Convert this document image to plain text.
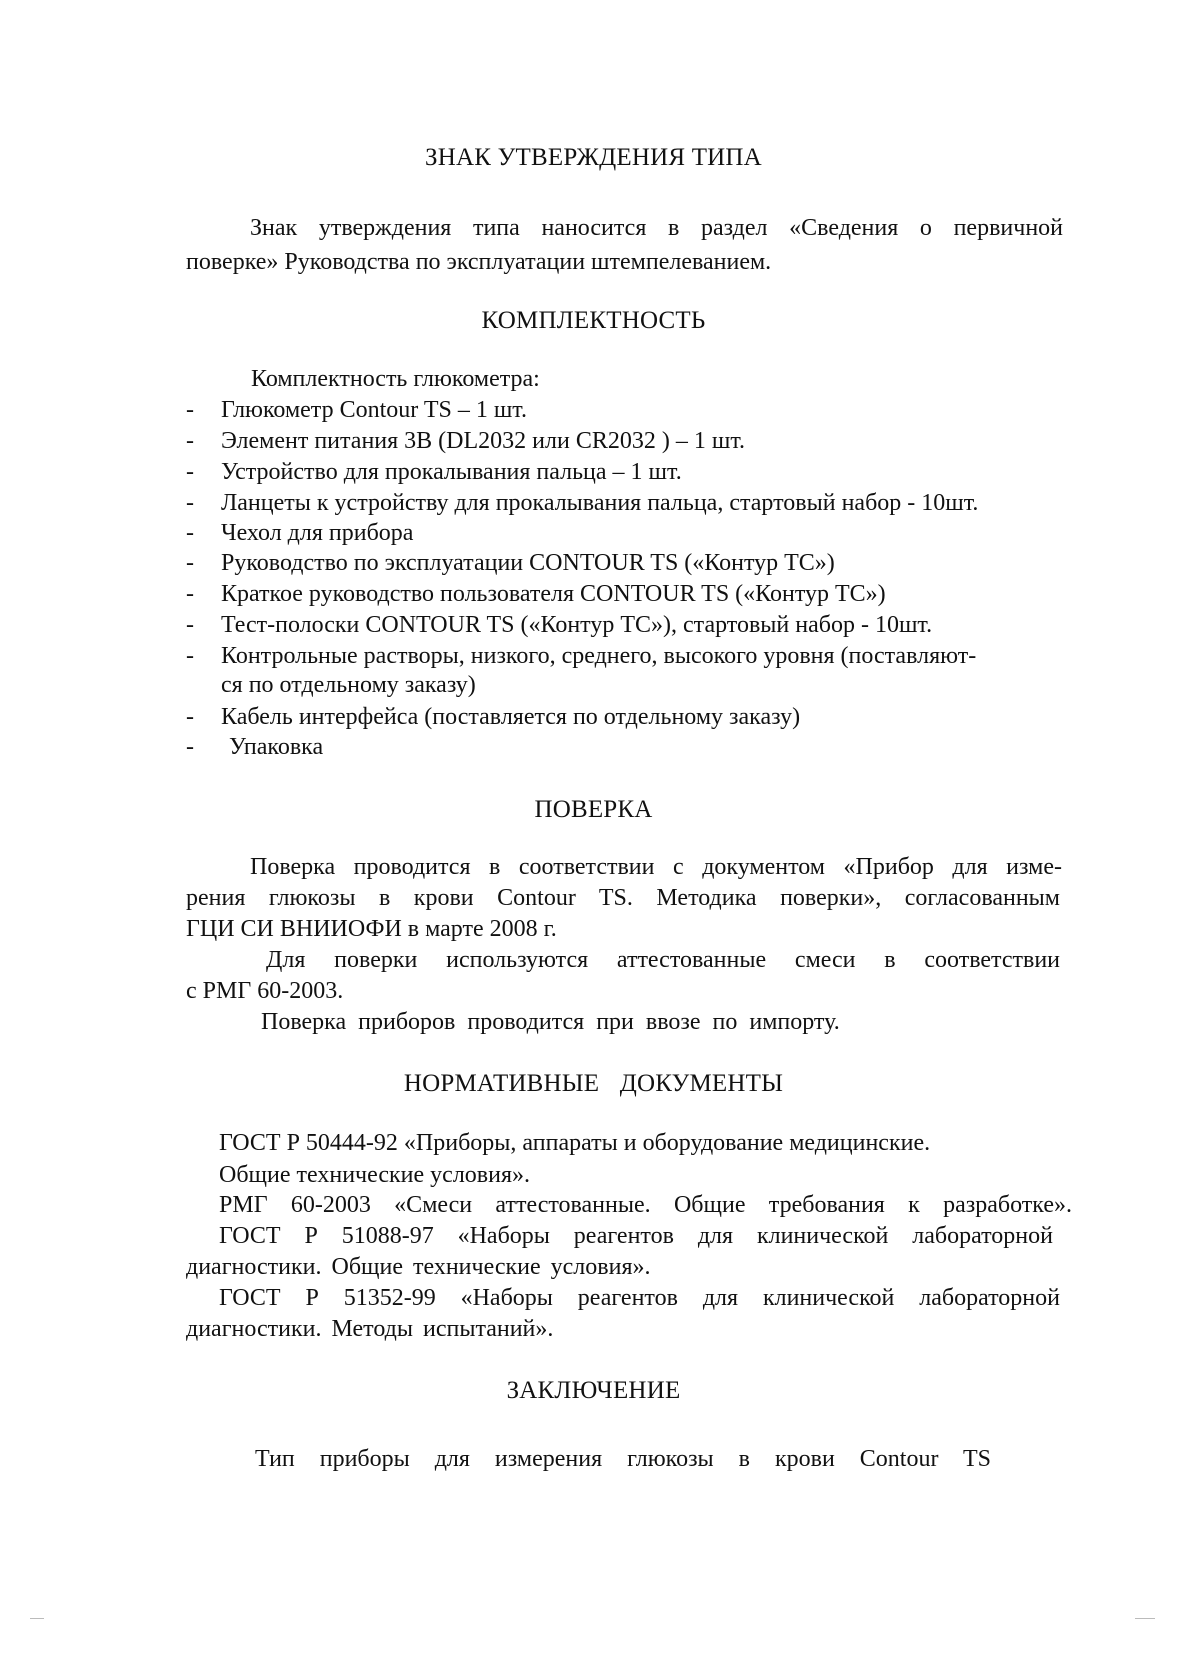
ЗНАК УТВЕРЖДЕНИЯ ТИПА
Знак утверждения типа наносится в раздел «Сведения о первичной
поверке» Руководства по эксплуатации штемпелеванием.
КОМПЛЕКТНОСТЬ
Комплектность глюкометра:
- Глюкометр Contour TS – 1 шт.
- Элемент питания 3В (DL2032 или CR2032 ) – 1 шт.
- Устройство для прокалывания пальца – 1 шт.
- Ланцеты к устройству для прокалывания пальца, стартовый набор - 10шт.
- Чехол для прибора
- Руководство по эксплуатации CONTOUR TS («Контур ТС»)
- Краткое руководство пользователя CONTOUR TS («Контур ТС»)
- Тест-полоски CONTOUR TS («Контур ТС»), стартовый набор - 10шт.
- Контрольные растворы, низкого, среднего, высокого уровня (поставляют-
ся по отдельному заказу)
- Кабель интерфейса (поставляется по отдельному заказу)
- Упаковка
ПОВЕРКА
Поверка проводится в соответствии с документом «Прибор для изме-
рения глюкозы в крови Contour TS. Методика поверки», согласованным
ГЦИ СИ ВНИИОФИ в марте 2008 г.
Для поверки используются аттестованные смеси в соответствии
с РМГ 60-2003.
Поверка приборов проводится при ввозе по импорту.
НОРМАТИВНЫЕ ДОКУМЕНТЫ
ГОСТ Р 50444-92 «Приборы, аппараты и оборудование медицинские.
Общие технические условия».
РМГ 60-2003 «Смеси аттестованные. Общие требования к разработке».
ГОСТ Р 51088-97 «Наборы реагентов для клинической лабораторной
диагностики. Общие технические условия».
ГОСТ Р 51352-99 «Наборы реагентов для клинической лабораторной
диагностики. Методы испытаний».
ЗАКЛЮЧЕНИЕ
Тип приборы для измерения глюкозы в крови Contour TS
